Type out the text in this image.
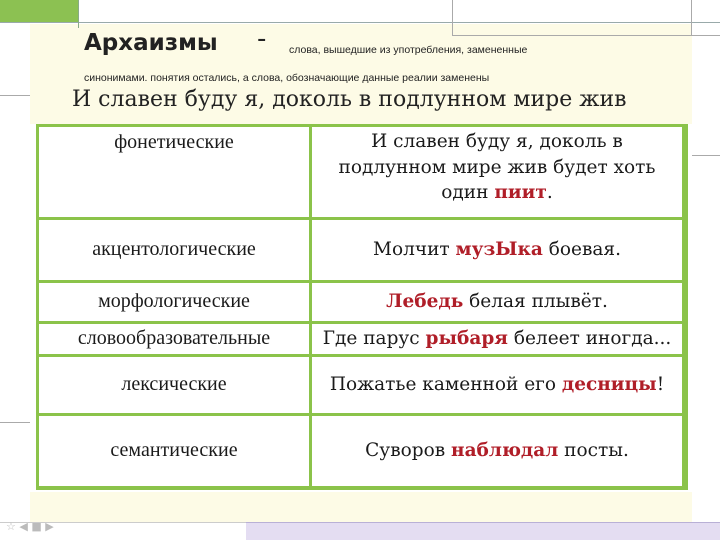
Архаизмы - слова, вышедшие из употребления, замененные
синонимами. понятия остались, а слова, обозначающие данные реалии заменены
И славен буду я, доколь в подлунном мире жив
фонетические	И славен буду я, доколь в подлунном мире жив будет хоть один пиит.
акцентологические	Молчит музЫка боевая.
морфологические	Лебедь белая плывёт.
словообразовательные	Где парус рыбаря белеет иногда...
лексические	Пожатье каменной его десницы!
семантические	Суворов наблюдал посты.
☆ ◀ ■ ▶
